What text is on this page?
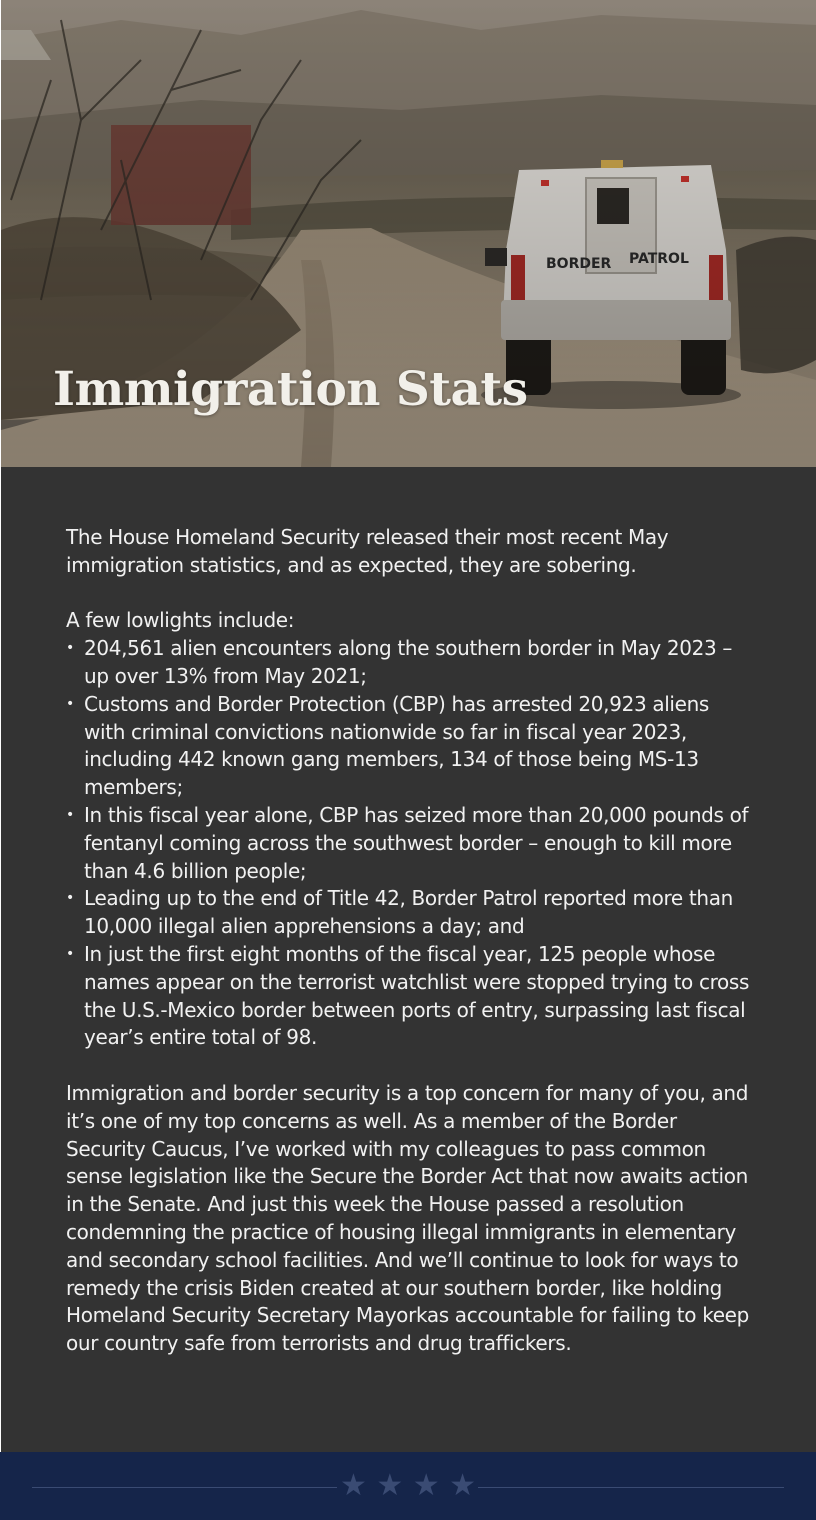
Immigration Stats

The House Homeland Security released their most recent May immigration statistics, and as expected, they are sobering.

A few lowlights include:

• 204,561 alien encounters along the southern border in May 2023 – up over 13% from May 2021;
• Customs and Border Protection (CBP) has arrested 20,923 aliens with criminal convictions nationwide so far in fiscal year 2023, including 442 known gang members, 134 of those being MS-13 members;
• In this fiscal year alone, CBP has seized more than 20,000 pounds of fentanyl coming across the southwest border – enough to kill more than 4.6 billion people;
• Leading up to the end of Title 42, Border Patrol reported more than 10,000 illegal alien apprehensions a day; and
• In just the first eight months of the fiscal year, 125 people whose names appear on the terrorist watchlist were stopped trying to cross the U.S.-Mexico border between ports of entry, surpassing last fiscal year’s entire total of 98.

Immigration and border security is a top concern for many of you, and it’s one of my top concerns as well. As a member of the Border Security Caucus, I’ve worked with my colleagues to pass common sense legislation like the Secure the Border Act that now awaits action in the Senate. And just this week the House passed a resolution condemning the practice of housing illegal immigrants in elementary and secondary school facilities. And we’ll continue to look for ways to remedy the crisis Biden created at our southern border, like holding Homeland Security Secretary Mayorkas accountable for failing to keep our country safe from terrorists and drug traffickers.

★ ★ ★ ★
